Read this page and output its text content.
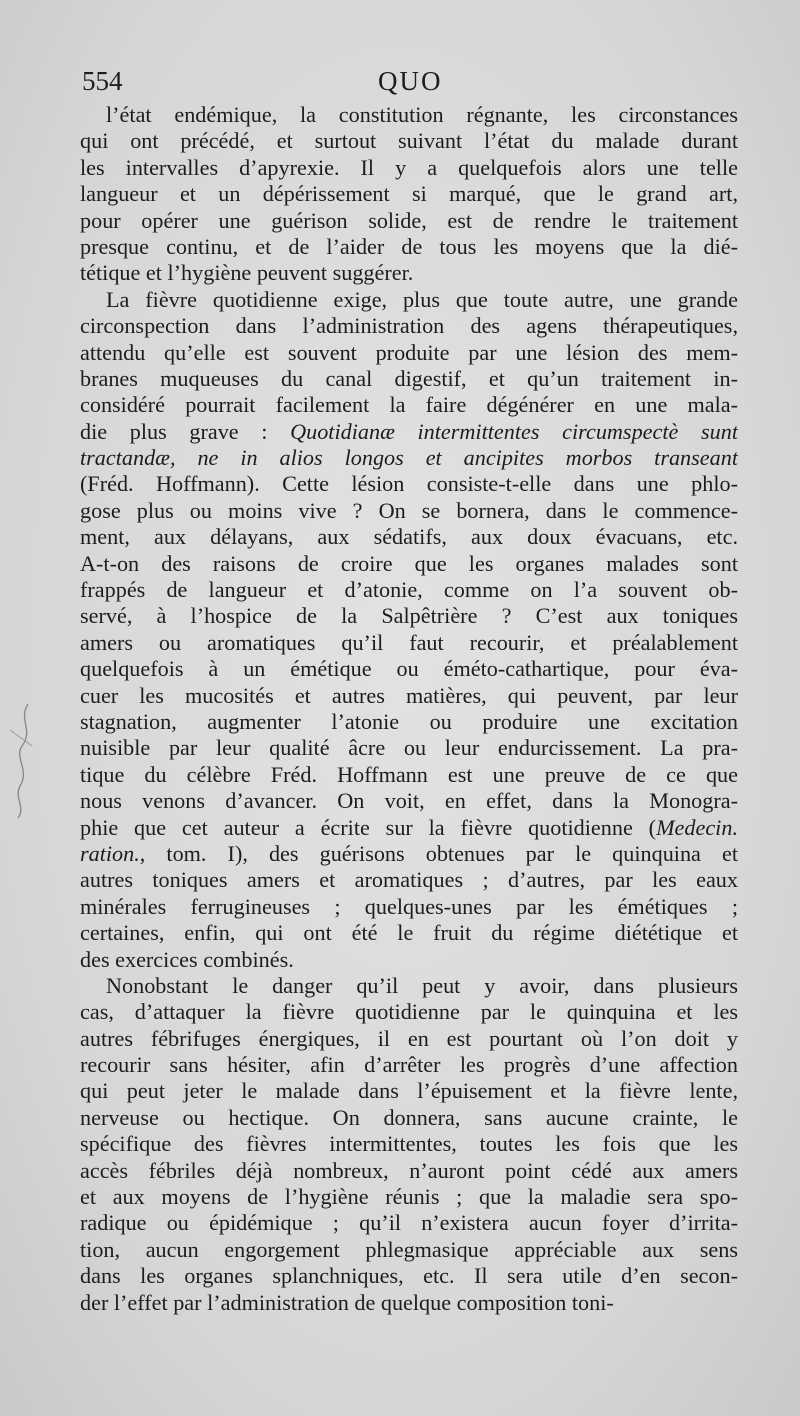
554	QUO
l’état endémique, la constitution régnante, les circonstances
qui ont précédé, et surtout suivant l’état du malade durant
les intervalles d’apyrexie. Il y a quelquefois alors une telle
langueur et un dépérissement si marqué, que le grand art,
pour opérer une guérison solide, est de rendre le traitement
presque continu, et de l’aider de tous les moyens que la dié-
tétique et l’hygiène peuvent suggérer.
La fièvre quotidienne exige, plus que toute autre, une grande
circonspection dans l’administration des agens thérapeutiques,
attendu qu’elle est souvent produite par une lésion des mem-
branes muqueuses du canal digestif, et qu’un traitement in-
considéré pourrait facilement la faire dégénérer en une mala-
die plus grave : Quotidianæ intermittentes circumspectè sunt
tractandæ, ne in alios longos et ancipites morbos transeant
(Fréd. Hoffmann). Cette lésion consiste-t-elle dans une phlo-
gose plus ou moins vive ? On se bornera, dans le commence-
ment, aux délayans, aux sédatifs, aux doux évacuans, etc.
A-t-on des raisons de croire que les organes malades sont
frappés de langueur et d’atonie, comme on l’a souvent ob-
servé, à l’hospice de la Salpêtrière ? C’est aux toniques
amers ou aromatiques qu’il faut recourir, et préalablement
quelquefois à un émétique ou éméto-cathartique, pour éva-
cuer les mucosités et autres matières, qui peuvent, par leur
stagnation, augmenter l’atonie ou produire une excitation
nuisible par leur qualité âcre ou leur endurcissement. La pra-
tique du célèbre Fréd. Hoffmann est une preuve de ce que
nous venons d’avancer. On voit, en effet, dans la Monogra-
phie que cet auteur a écrite sur la fièvre quotidienne (Medecin.
ration., tom. I), des guérisons obtenues par le quinquina et
autres toniques amers et aromatiques ; d’autres, par les eaux
minérales ferrugineuses ; quelques-unes par les émétiques ;
certaines, enfin, qui ont été le fruit du régime diététique et
des exercices combinés.
Nonobstant le danger qu’il peut y avoir, dans plusieurs
cas, d’attaquer la fièvre quotidienne par le quinquina et les
autres fébrifuges énergiques, il en est pourtant où l’on doit y
recourir sans hésiter, afin d’arrêter les progrès d’une affection
qui peut jeter le malade dans l’épuisement et la fièvre lente,
nerveuse ou hectique. On donnera, sans aucune crainte, le
spécifique des fièvres intermittentes, toutes les fois que les
accès fébriles déjà nombreux, n’auront point cédé aux amers
et aux moyens de l’hygiène réunis ; que la maladie sera spo-
radique ou épidémique ; qu’il n’existera aucun foyer d’irrita-
tion, aucun engorgement phlegmasique appréciable aux sens
dans les organes splanchniques, etc. Il sera utile d’en secon-
der l’effet par l’administration de quelque composition toni-
